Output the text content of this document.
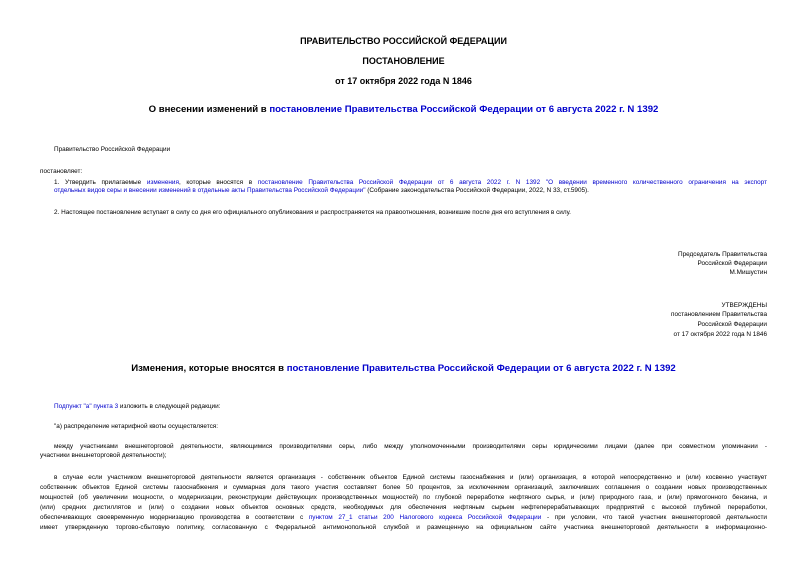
ПРАВИТЕЛЬСТВО РОССИЙСКОЙ ФЕДЕРАЦИИ
ПОСТАНОВЛЕНИЕ
от 17 октября 2022 года N 1846
О внесении изменений в постановление Правительства Российской Федерации от 6 августа 2022 г. N 1392
Правительство Российской Федерации
постановляет:
1. Утвердить прилагаемые изменения, которые вносятся в постановление Правительства Российской Федерации от 6 августа 2022 г. N 1392 "О введении временного количественного ограничения на экспорт
отдельных видов серы и внесении изменений в отдельные акты Правительства Российской Федерации" (Собрание законодательства Российской Федерации, 2022, N 33, ст.5905).
2. Настоящее постановление вступает в силу со дня его официального опубликования и распространяется на правоотношения, возникшие после дня его вступления в силу.
Председатель Правительства
Российской Федерации
М.Мишустин
УТВЕРЖДЕНЫ
постановлением Правительства
Российской Федерации
от 17 октября 2022 года N 1846
Изменения, которые вносятся в постановление Правительства Российской Федерации от 6 августа 2022 г. N 1392
Подпункт "а" пункта 3 изложить в следующей редакции:
"а) распределение нетарифной квоты осуществляется:
между участниками внешнеторговой деятельности, являющимися производителями серы, либо между уполномоченными производителями серы юридическими лицами (далее при совместном упоминании -
участники внешнеторговой деятельности);
в случае если участником внешнеторговой деятельности является организация - собственник объектов Единой системы газоснабжения и (или) организация, в которой непосредственно и (или) косвенно участвует
собственник объектов Единой системы газоснабжения и суммарная доля такого участия составляет более 50 процентов, за исключением организаций, заключивших соглашения о создании новых производственных
мощностей (об увеличении мощности, о модернизации, реконструкции действующих производственных мощностей) по глубокой переработке нефтяного сырья, и (или) природного газа, и (или) прямогонного бензина, и
(или) средних дистиллятов и (или) о создании новых объектов основных средств, необходимых для обеспечения нефтяным сырьем нефтеперерабатывающих предприятий с высокой глубиной переработки,
обеспечивающих своевременную модернизацию производства в соответствии с пунктом 27_1 статьи 200 Налогового кодекса Российской Федерации - при условии, что такой участник внешнеторговой деятельности
имеет утвержденную торгово-сбытовую политику, согласованную с Федеральной антимонопольной службой и размещенную на официальном сайте участника внешнеторговой деятельности в информационно-
